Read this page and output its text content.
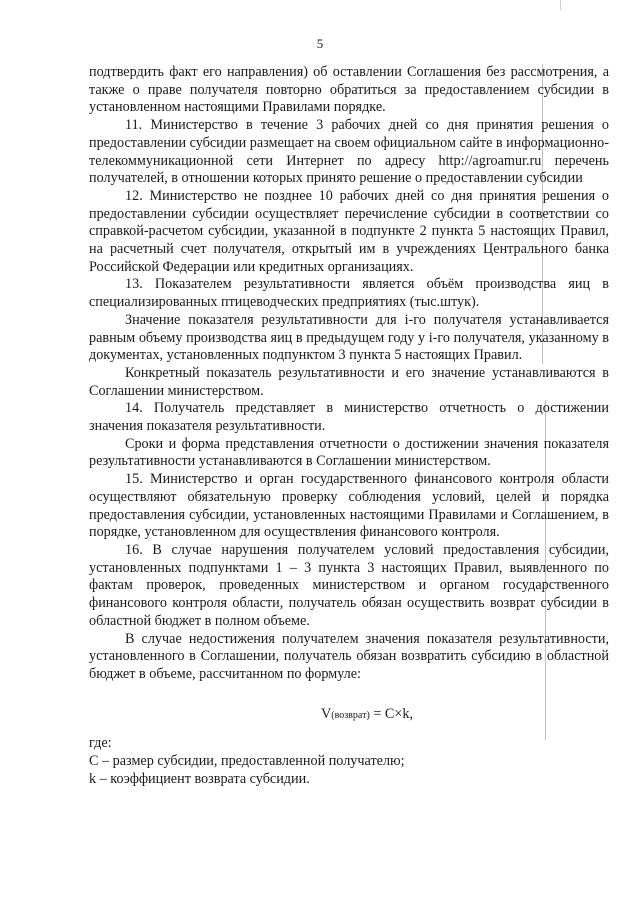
5

подтвердить факт его направления) об оставлении Соглашения без рассмотрения, а также о праве получателя повторно обратиться за предоставлением субсидии в установленном настоящими Правилами порядке.

11. Министерство в течение 3 рабочих дней со дня принятия решения о предоставлении субсидии размещает на своем официальном сайте в информационно-телекоммуникационной сети Интернет по адресу http://agroamur.ru перечень получателей, в отношении которых принято решение о предоставлении субсидии

12. Министерство не позднее 10 рабочих дней со дня принятия решения о предоставлении субсидии осуществляет перечисление субсидии в соответствии со справкой-расчетом субсидии, указанной в подпункте 2 пункта 5 настоящих Правил, на расчетный счет получателя, открытый им в учреждениях Центрального банка Российской Федерации или кредитных организациях.

13. Показателем результативности является объём производства яиц в специализированных птицеводческих предприятиях (тыс.штук).

Значение показателя результативности для i-го получателя устанавливается равным объему производства яиц в предыдущем году у i-го получателя, указанному в документах, установленных подпунктом 3 пункта 5 настоящих Правил.

Конкретный показатель результативности и его значение устанавливаются в Соглашении министерством.

14. Получатель представляет в министерство отчетность о достижении значения показателя результативности.

Сроки и форма представления отчетности о достижении значения показателя результативности устанавливаются в Соглашении министерством.

15. Министерство и орган государственного финансового контроля области осуществляют обязательную проверку соблюдения условий, целей и порядка предоставления субсидии, установленных настоящими Правилами и Соглашением, в порядке, установленном для осуществления финансового контроля.

16. В случае нарушения получателем условий предоставления субсидии, установленных подпунктами 1 – 3 пункта 3 настоящих Правил, выявленного по фактам проверок, проведенных министерством и органом государственного финансового контроля области, получатель обязан осуществить возврат субсидии в областной бюджет в полном объеме.

В случае недостижения получателем значения показателя результативности, установленного в Соглашении, получатель обязан возвратить субсидию в областной бюджет в объеме, рассчитанном по формуле:

V(возврат) = C×k,

где:

C – размер субсидии, предоставленной получателю;

k – коэффициент возврата субсидии.
